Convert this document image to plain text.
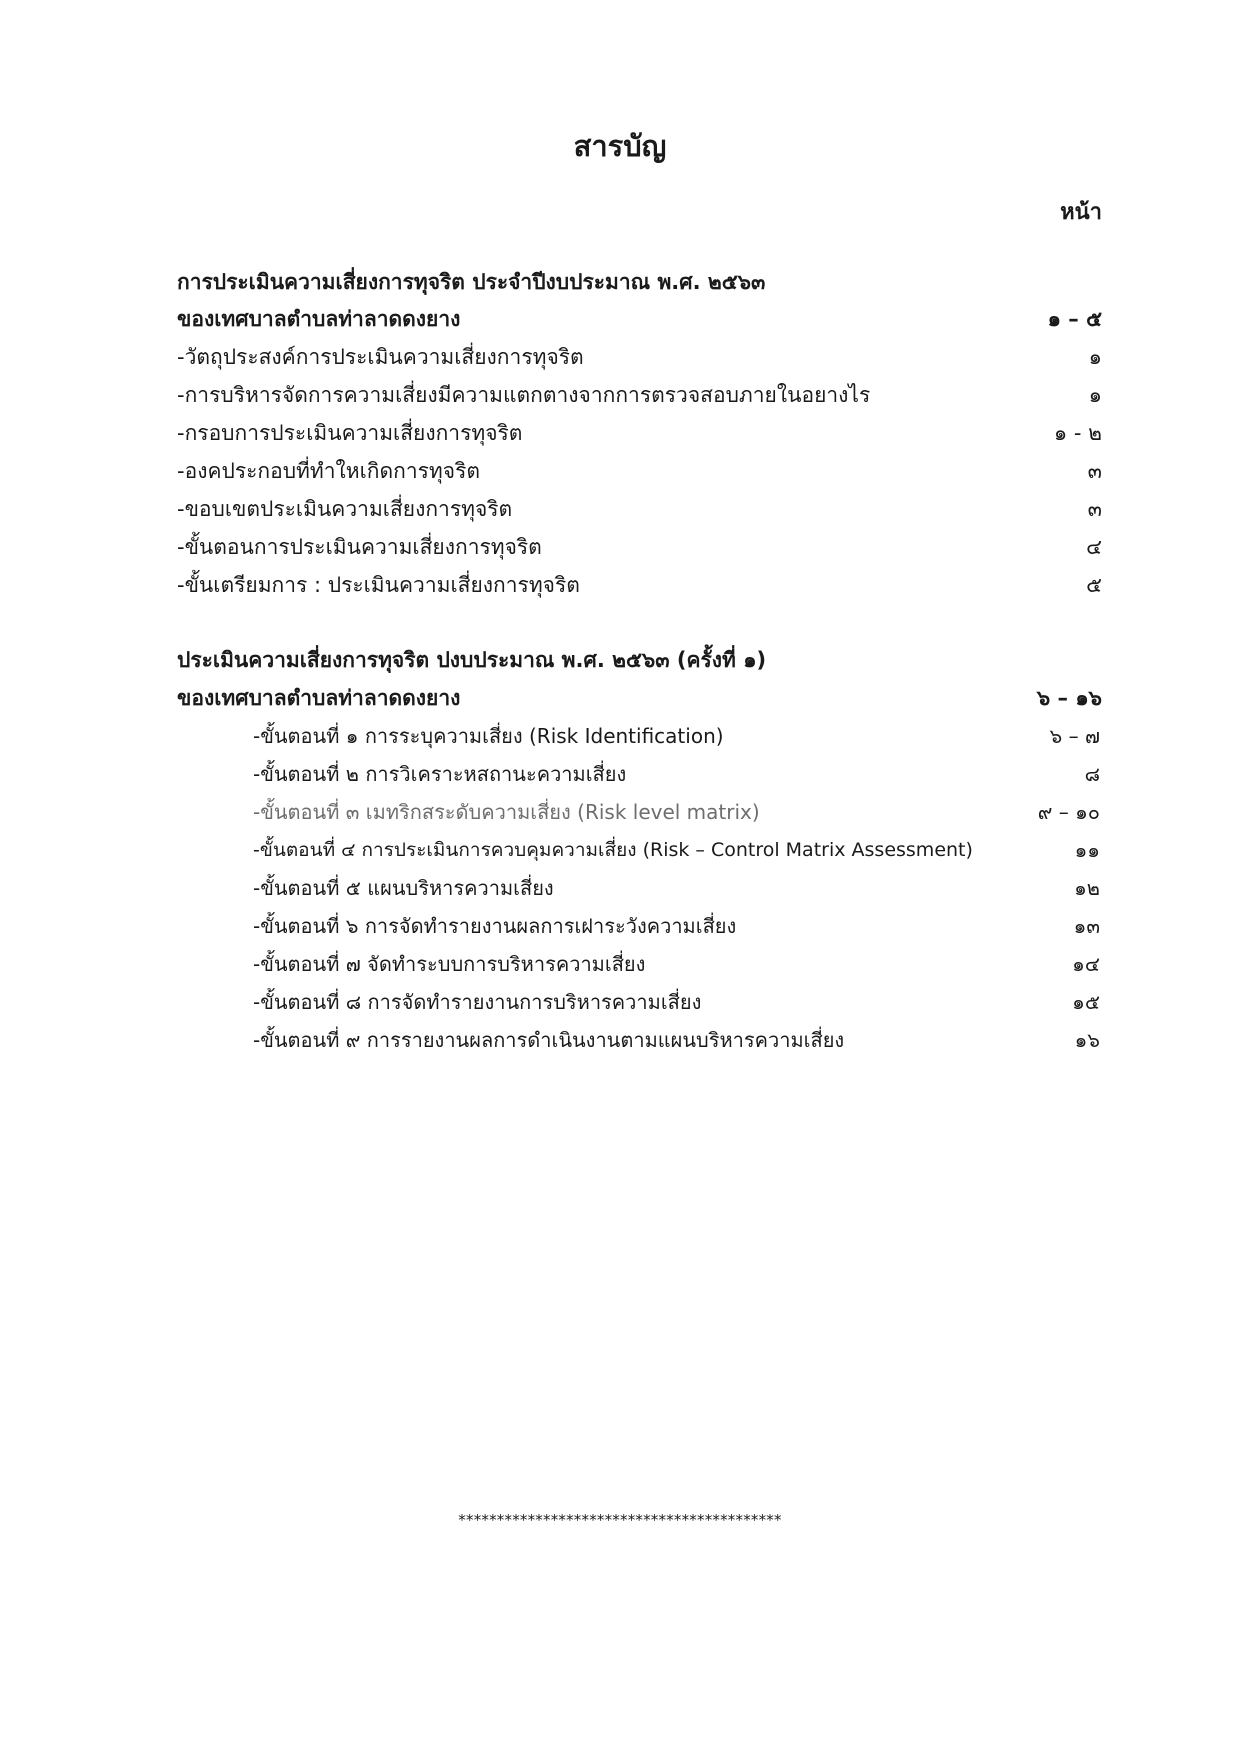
สารบัญ
หน้า
การประเมินความเสี่ยงการทุจริต ประจำปีงบประมาณ พ.ศ. ๒๕๖๓
ของเทศบาลตำบลท่าลาดดงยาง	๑ – ๕
-วัตถุประสงค์การประเมินความเสี่ยงการทุจริต	๑
-การบริหารจัดการความเสี่ยงมีความแตกตางจากการตรวจสอบภายในอยางไร	๑
-กรอบการประเมินความเสี่ยงการทุจริต	๑ - ๒
-องคประกอบที่ทำใหเกิดการทุจริต	๓
-ขอบเขตประเมินความเสี่ยงการทุจริต	๓
-ขั้นตอนการประเมินความเสี่ยงการทุจริต	๔
-ขั้นเตรียมการ : ประเมินความเสี่ยงการทุจริต	๕
ประเมินความเสี่ยงการทุจริต ปงบประมาณ พ.ศ. ๒๕๖๓ (ครั้งที่ ๑)
ของเทศบาลตำบลท่าลาดดงยาง	๖ – ๑๖
-ขั้นตอนที่ ๑ การระบุความเสี่ยง (Risk Identification)	๖ – ๗
-ขั้นตอนที่ ๒ การวิเคราะหสถานะความเสี่ยง	๘
-ขั้นตอนที่ ๓ เมทริกสระดับความเสี่ยง (Risk level matrix)	๙ – ๑๐
-ขั้นตอนที่ ๔ การประเมินการควบคุมความเสี่ยง (Risk – Control Matrix Assessment)	๑๑
-ขั้นตอนที่ ๕ แผนบริหารความเสี่ยง	๑๒
-ขั้นตอนที่ ๖ การจัดทำรายงานผลการเฝาระวังความเสี่ยง	๑๓
-ขั้นตอนที่ ๗ จัดทำระบบการบริหารความเสี่ยง	๑๔
-ขั้นตอนที่ ๘ การจัดทำรายงานการบริหารความเสี่ยง	๑๕
-ขั้นตอนที่ ๙ การรายงานผลการดำเนินงานตามแผนบริหารความเสี่ยง	๑๖
******************************************
